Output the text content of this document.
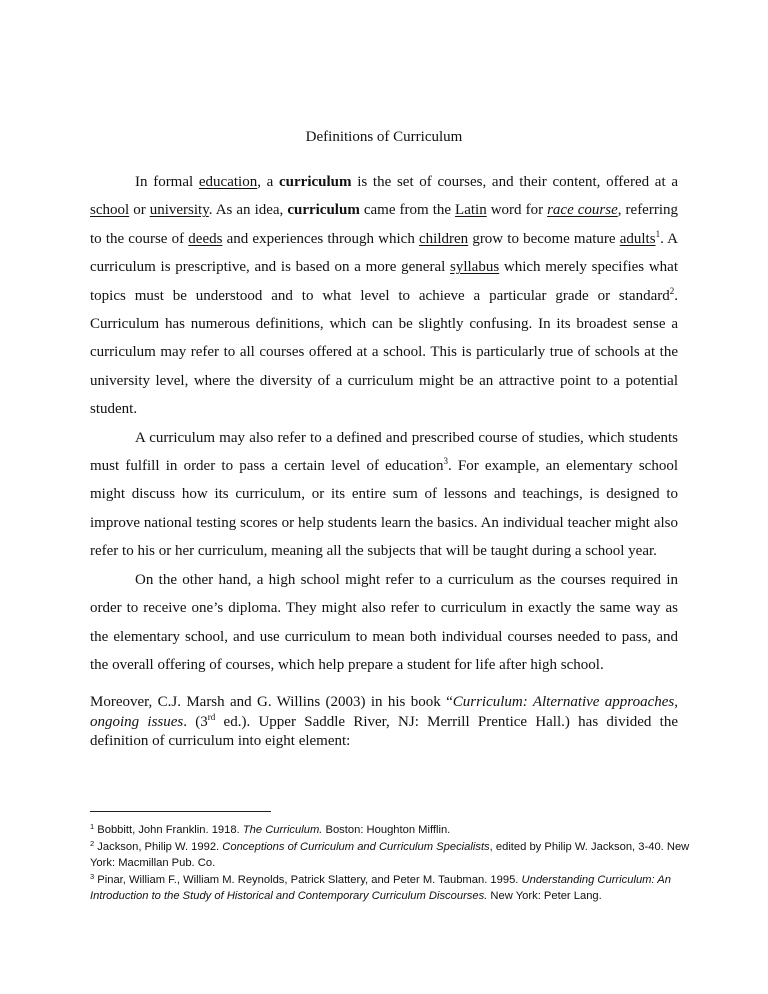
Definitions of Curriculum

In formal education, a curriculum is the set of courses, and their content, offered at a school or university. As an idea, curriculum came from the Latin word for race course, referring to the course of deeds and experiences through which children grow to become mature adults$^1$. A curriculum is prescriptive, and is based on a more general syllabus which merely specifies what topics must be understood and to what level to achieve a particular grade or standard$^2$. Curriculum has numerous definitions, which can be slightly confusing. In its broadest sense a curriculum may refer to all courses offered at a school. This is particularly true of schools at the university level, where the diversity of a curriculum might be an attractive point to a potential student.

A curriculum may also refer to a defined and prescribed course of studies, which students must fulfill in order to pass a certain level of education$^3$. For example, an elementary school might discuss how its curriculum, or its entire sum of lessons and teachings, is designed to improve national testing scores or help students learn the basics. An individual teacher might also refer to his or her curriculum, meaning all the subjects that will be taught during a school year.

On the other hand, a high school might refer to a curriculum as the courses required in order to receive one’s diploma. They might also refer to curriculum in exactly the same way as the elementary school, and use curriculum to mean both individual courses needed to pass, and the overall offering of courses, which help prepare a student for life after high school.

Moreover, C.J. Marsh and G. Willins (2003) in his book “Curriculum: Alternative approaches, ongoing issues. (3rd ed.). Upper Saddle River, NJ: Merrill Prentice Hall.) has divided the definition of curriculum into eight element:

$^1$ Bobbitt, John Franklin. 1918. The Curriculum. Boston: Houghton Mifflin.

$^2$ Jackson, Philip W. 1992. Conceptions of Curriculum and Curriculum Specialists, edited by Philip W. Jackson, 3-40. New York: Macmillan Pub. Co.

$^3$ Pinar, William F., William M. Reynolds, Patrick Slattery, and Peter M. Taubman. 1995. Understanding Curriculum: An Introduction to the Study of Historical and Contemporary Curriculum Discourses. New York: Peter Lang.
